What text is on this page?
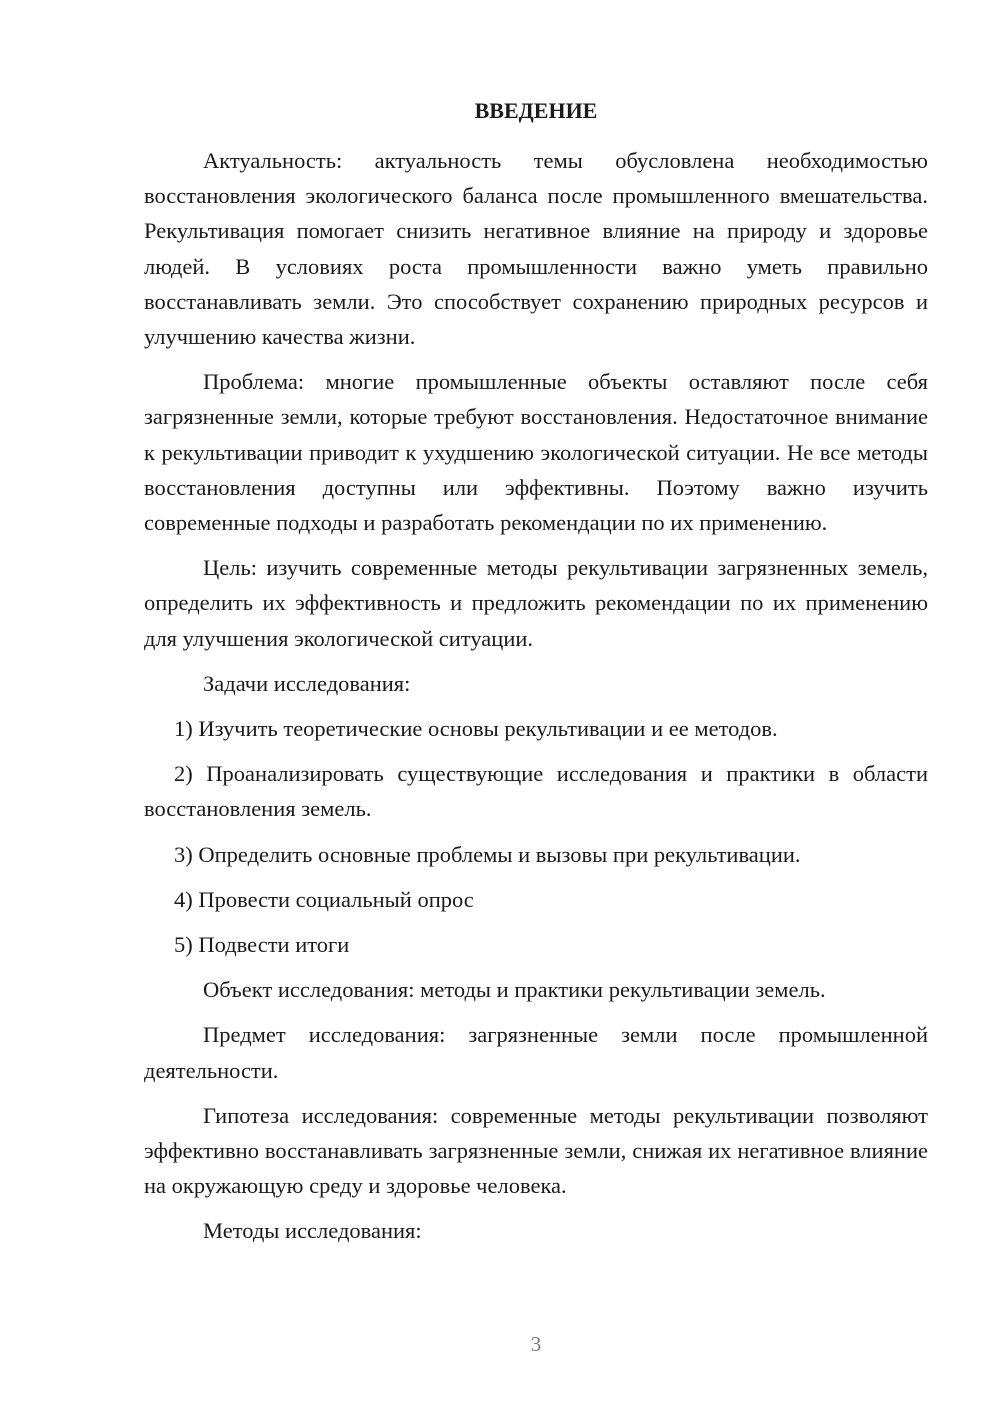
ВВЕДЕНИЕ

Актуальность: актуальность темы обусловлена необходимостью восстановления экологического баланса после промышленного вмешательства. Рекультивация помогает снизить негативное влияние на природу и здоровье людей. В условиях роста промышленности важно уметь правильно восстанавливать земли. Это способствует сохранению природных ресурсов и улучшению качества жизни.

Проблема: многие промышленные объекты оставляют после себя загрязненные земли, которые требуют восстановления. Недостаточное внимание к рекультивации приводит к ухудшению экологической ситуации. Не все методы восстановления доступны или эффективны. Поэтому важно изучить современные подходы и разработать рекомендации по их применению.

Цель: изучить современные методы рекультивации загрязненных земель, определить их эффективность и предложить рекомендации по их применению для улучшения экологической ситуации.

Задачи исследования:

1) Изучить теоретические основы рекультивации и ее методов.

2) Проанализировать существующие исследования и практики в области восстановления земель.

3) Определить основные проблемы и вызовы при рекультивации.

4) Провести социальный опрос

5) Подвести итоги

Объект исследования: методы и практики рекультивации земель.

Предмет исследования: загрязненные земли после промышленной деятельности.

Гипотеза исследования: современные методы рекультивации позволяют эффективно восстанавливать загрязненные земли, снижая их негативное влияние на окружающую среду и здоровье человека.

Методы исследования:

3
